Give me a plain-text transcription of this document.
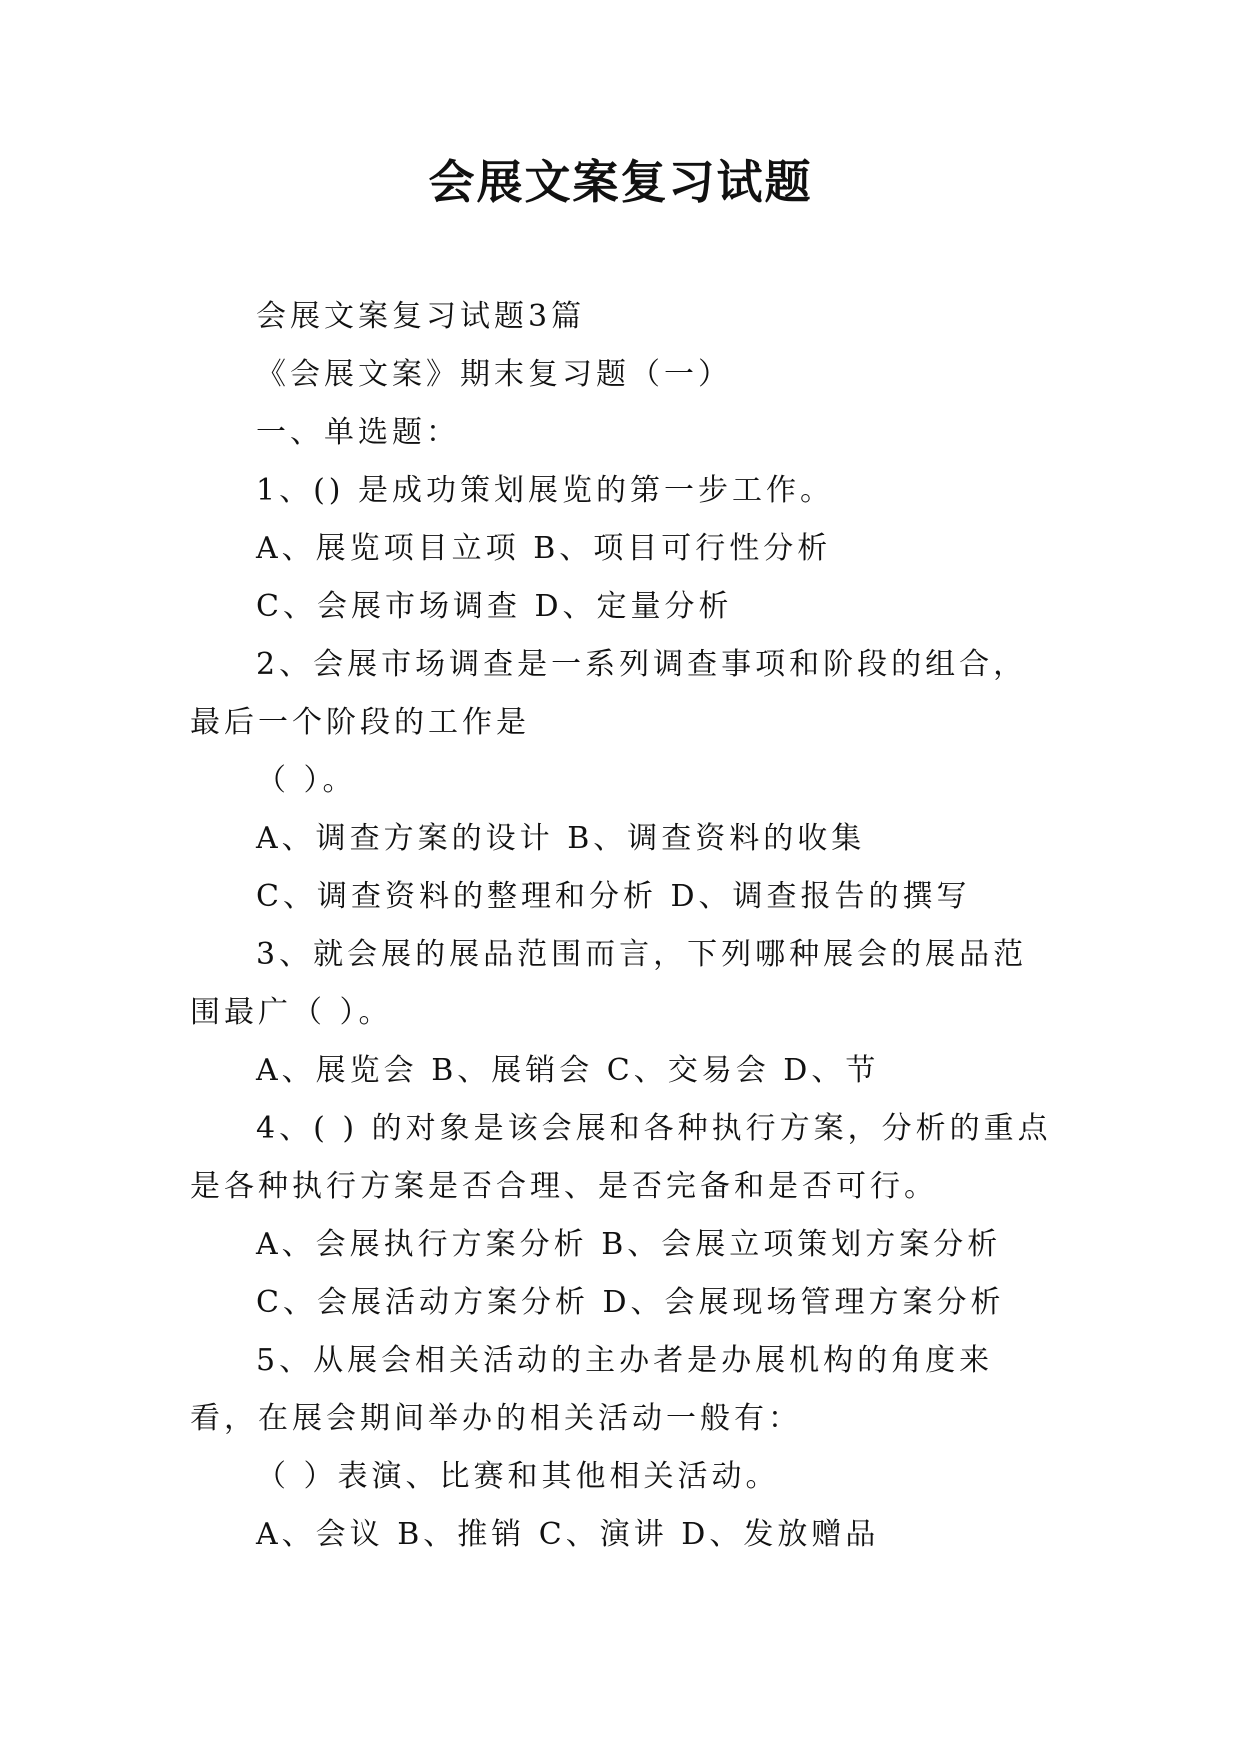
会展文案复习试题

会展文案复习试题3篇

《会展文案》期末复习题（一）

一、单选题：

1、() 是成功策划展览的第一步工作。

A、展览项目立项 B、项目可行性分析

C、会展市场调查 D、定量分析

2、会展市场调查是一系列调查事项和阶段的组合，最后一个阶段的工作是

（ ）。

A、调查方案的设计 B、调查资料的收集

C、调查资料的整理和分析 D、调查报告的撰写

3、就会展的展品范围而言，下列哪种展会的展品范围最广（ ）。

A、展览会 B、展销会 C、交易会 D、节

4、( ) 的对象是该会展和各种执行方案，分析的重点是各种执行方案是否合理、是否完备和是否可行。

A、会展执行方案分析 B、会展立项策划方案分析

C、会展活动方案分析 D、会展现场管理方案分析

5、从展会相关活动的主办者是办展机构的角度来看，在展会期间举办的相关活动一般有：

（ ）表演、比赛和其他相关活动。

A、会议 B、推销 C、演讲 D、发放赠品
